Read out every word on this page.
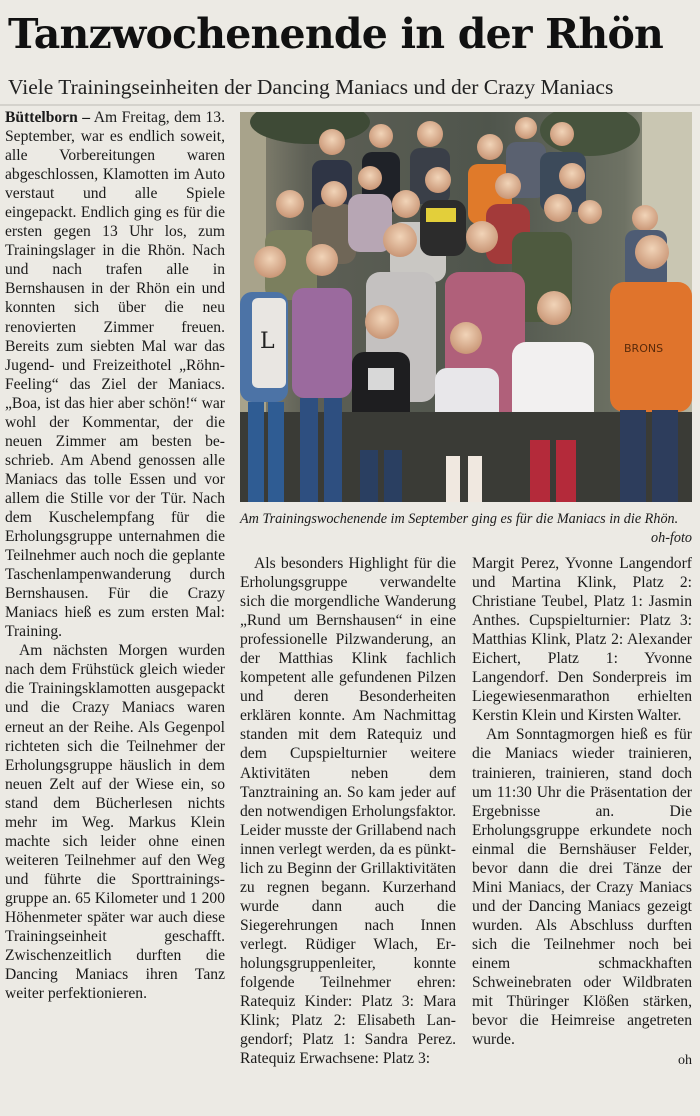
Tanzwochenende in der Rhön
Viele Trainingseinheiten der Dancing Maniacs und der Crazy Maniacs

Büttelborn – Am Freitag, dem 13. September, war es endlich soweit, alle Vorbereitungen waren abgeschlossen, Klamotten im Auto verstaut und alle Spiele eingepackt. Endlich ging es für die ersten gegen 13 Uhr los, zum Trainingslager in die Rhön. Nach und nach trafen alle in Bernshausen in der Rhön ein und konnten sich über die neu renovierten Zimmer freuen. Bereits zum siebten Mal war das Jugend- und Freizeithotel „Röhn-Feeling“ das Ziel der Maniacs. „Boa, ist das hier aber schön!“ war wohl der Kommentar, der die neuen Zimmer am besten beschrieb. Am Abend genossen alle Maniacs das tolle Essen und vor allem die Stille vor der Tür. Nach dem Kuschelempfang für die Erholungsgruppe unternahmen die Teilnehmer auch noch die geplante Taschenlampenwanderung durch Bernshausen. Für die Crazy Maniacs hieß es zum ersten Mal: Training.

Am nächsten Morgen wurden nach dem Frühstück gleich wieder die Trainingsklamotten ausgepackt und die Crazy Maniacs waren erneut an der Reihe. Als Gegenpol richteten sich die Teilnehmer der Erholungsgruppe häuslich in dem neuen Zelt auf der Wiese ein, so stand dem Bücherlesen nichts mehr im Weg. Markus Klein machte sich leider ohne einen weiteren Teilnehmer auf den Weg und führte die Sporttrainingsgruppe an. 65 Kilometer und 1 200 Höhenmeter später war auch diese Trainingseinheit geschafft. Zwischenzeitlich durften die Dancing Maniacs ihren Tanz weiter perfektionieren.

L	BRONS
Am Trainingswochenende im September ging es für die Maniacs in die Rhön.
oh-foto

Als besonders Highlight für die Erholungsgruppe verwandelte sich die morgendliche Wanderung „Rund um Bernshausen“ in eine professionelle Pilzwanderung, an der Matthias Klink fachlich kompetent alle gefundenen Pilzen und deren Besonderheiten erklären konnte. Am Nachmittag standen mit dem Ratequiz und dem Cupspielturnier weitere Aktivitäten neben dem Tanztraining an. So kam jeder auf den notwendigen Erholungsfaktor. Leider musste der Grillabend nach innen verlegt werden, da es pünktlich zu Beginn der Grillaktivitäten zu regnen begann. Kurzerhand wurde dann auch die Siegerehrungen nach Innen verlegt. Rüdiger Wlach, Erholungsgruppenleiter, konnte folgende Teilnehmer ehren: Ratequiz Kinder: Platz 3: Mara Klink; Platz 2: Elisabeth Langendorf; Platz 1: Sandra Perez. Ratequiz Erwachsene: Platz 3:

Margit Perez, Yvonne Langendorf und Martina Klink, Platz 2: Christiane Teubel, Platz 1: Jasmin Anthes. Cupspielturnier: Platz 3: Matthias Klink, Platz 2: Alexander Eichert, Platz 1: Yvonne Langendorf. Den Sonderpreis im Liegewiesenmarathon erhielten Kerstin Klein und Kirsten Walter.

Am Sonntagmorgen hieß es für die Maniacs wieder trainieren, trainieren, trainieren, stand doch um 11:30 Uhr die Präsentation der Ergebnisse an. Die Erholungsgruppe erkundete noch einmal die Bernshäuser Felder, bevor dann die drei Tänze der Mini Maniacs, der Crazy Maniacs und der Dancing Maniacs gezeigt wurden. Als Abschluss durften sich die Teilnehmer noch bei einem schmackhaften Schweinebraten oder Wildbraten mit Thüringer Klößen stärken, bevor die Heimreise angetreten wurde.

oh
